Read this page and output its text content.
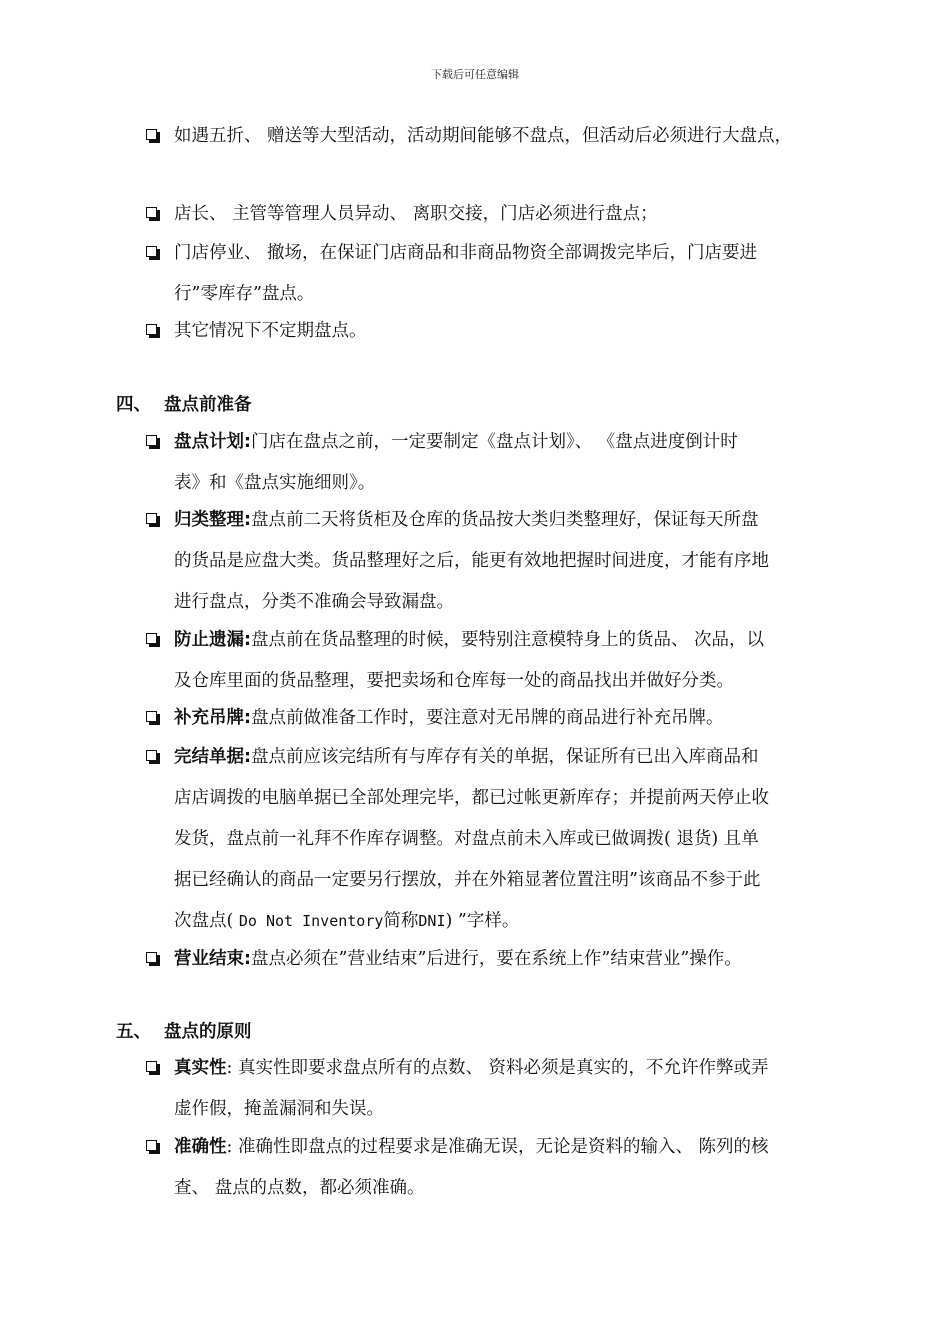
下载后可任意编辑
如遇五折、 赠送等大型活动，活动期间能够不盘点，但活动后必须进行大盘点，
店长、 主管等管理人员异动、 离职交接，门店必须进行盘点；
门店停业、 撤场，在保证门店商品和非商品物资全部调拨完毕后，门店要进
行”零库存”盘点。
其它情况下不定期盘点。
四、 盘点前准备
盘点计划:门店在盘点之前，一定要制定《盘点计划》、 《盘点进度倒计时
表》和《盘点实施细则》。
归类整理:盘点前二天将货柜及仓库的货品按大类归类整理好，保证每天所盘
的货品是应盘大类。货品整理好之后，能更有效地把握时间进度，才能有序地
进行盘点，分类不准确会导致漏盘。
防止遗漏:盘点前在货品整理的时候，要特别注意模特身上的货品、 次品，以
及仓库里面的货品整理，要把卖场和仓库每一处的商品找出并做好分类。
补充吊牌:盘点前做准备工作时，要注意对无吊牌的商品进行补充吊牌。
完结单据:盘点前应该完结所有与库存有关的单据，保证所有已出入库商品和
店店调拨的电脑单据已全部处理完毕，都已过帐更新库存；并提前两天停止收
发货，盘点前一礼拜不作库存调整。对盘点前未入库或已做调拨( 退货) 且单
据已经确认的商品一定要另行摆放，并在外箱显著位置注明”该商品不参于此
次盘点( Do Not Inventory简称DNI) ”字样。
营业结束:盘点必须在”营业结束”后进行，要在系统上作”结束营业”操作。
五、 盘点的原则
真实性: 真实性即要求盘点所有的点数、 资料必须是真实的，不允许作弊或弄
虚作假，掩盖漏洞和失误。
准确性: 准确性即盘点的过程要求是准确无误，无论是资料的输入、 陈列的核
查、 盘点的点数，都必须准确。
